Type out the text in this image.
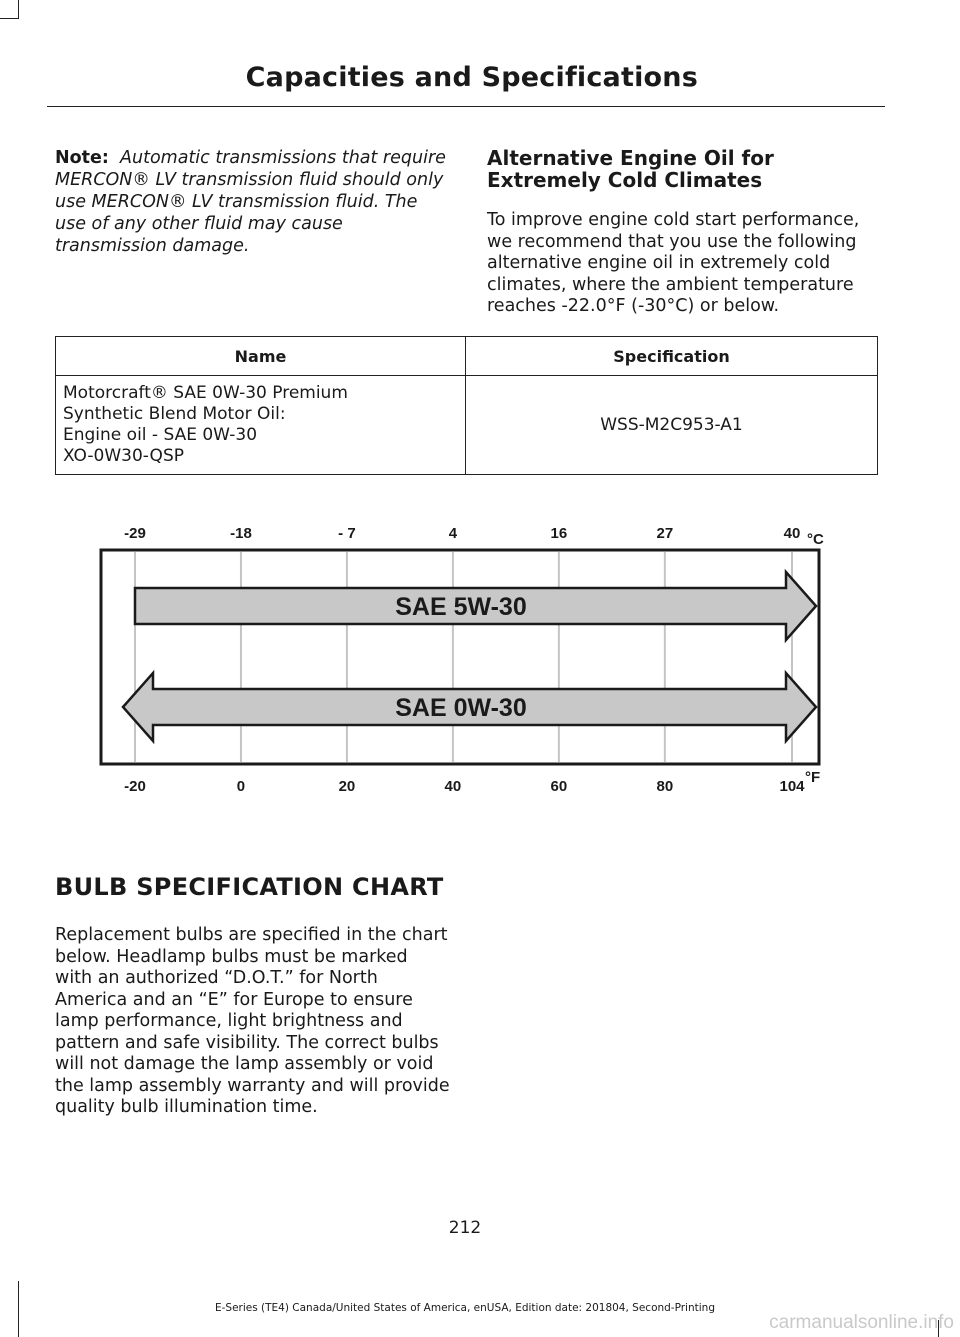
Capacities and Specifications
Note: Automatic transmissions that require MERCON® LV transmission fluid should only use MERCON® LV transmission fluid. The use of any other fluid may cause transmission damage.
Alternative Engine Oil for Extremely Cold Climates

To improve engine cold start performance, we recommend that you use the following alternative engine oil in extremely cold climates, where the ambient temperature reaches -22.0°F (-30°C) or below.

Name	Specification

Motorcraft® SAE 0W-30 Premium
Synthetic Blend Motor Oil:
Engine oil - SAE 0W-30
XO-0W30-QSP	WSS-M2C953-A1
-29
-20
-18
0
- 7
20
4
40
16
60
27
80
40
104
°C
°F
SAE 5W-30
SAE 0W-30
BULB SPECIFICATION CHART
Replacement bulbs are specified in the chart below. Headlamp bulbs must be marked with an authorized “D.O.T.” for North America and an “E” for Europe to ensure lamp performance, light brightness and pattern and safe visibility. The correct bulbs will not damage the lamp assembly or void the lamp assembly warranty and will provide quality bulb illumination time.
212
E-Series (TE4) Canada/United States of America, enUSA, Edition date: 201804, Second-Printing
carmanualsonline.info
